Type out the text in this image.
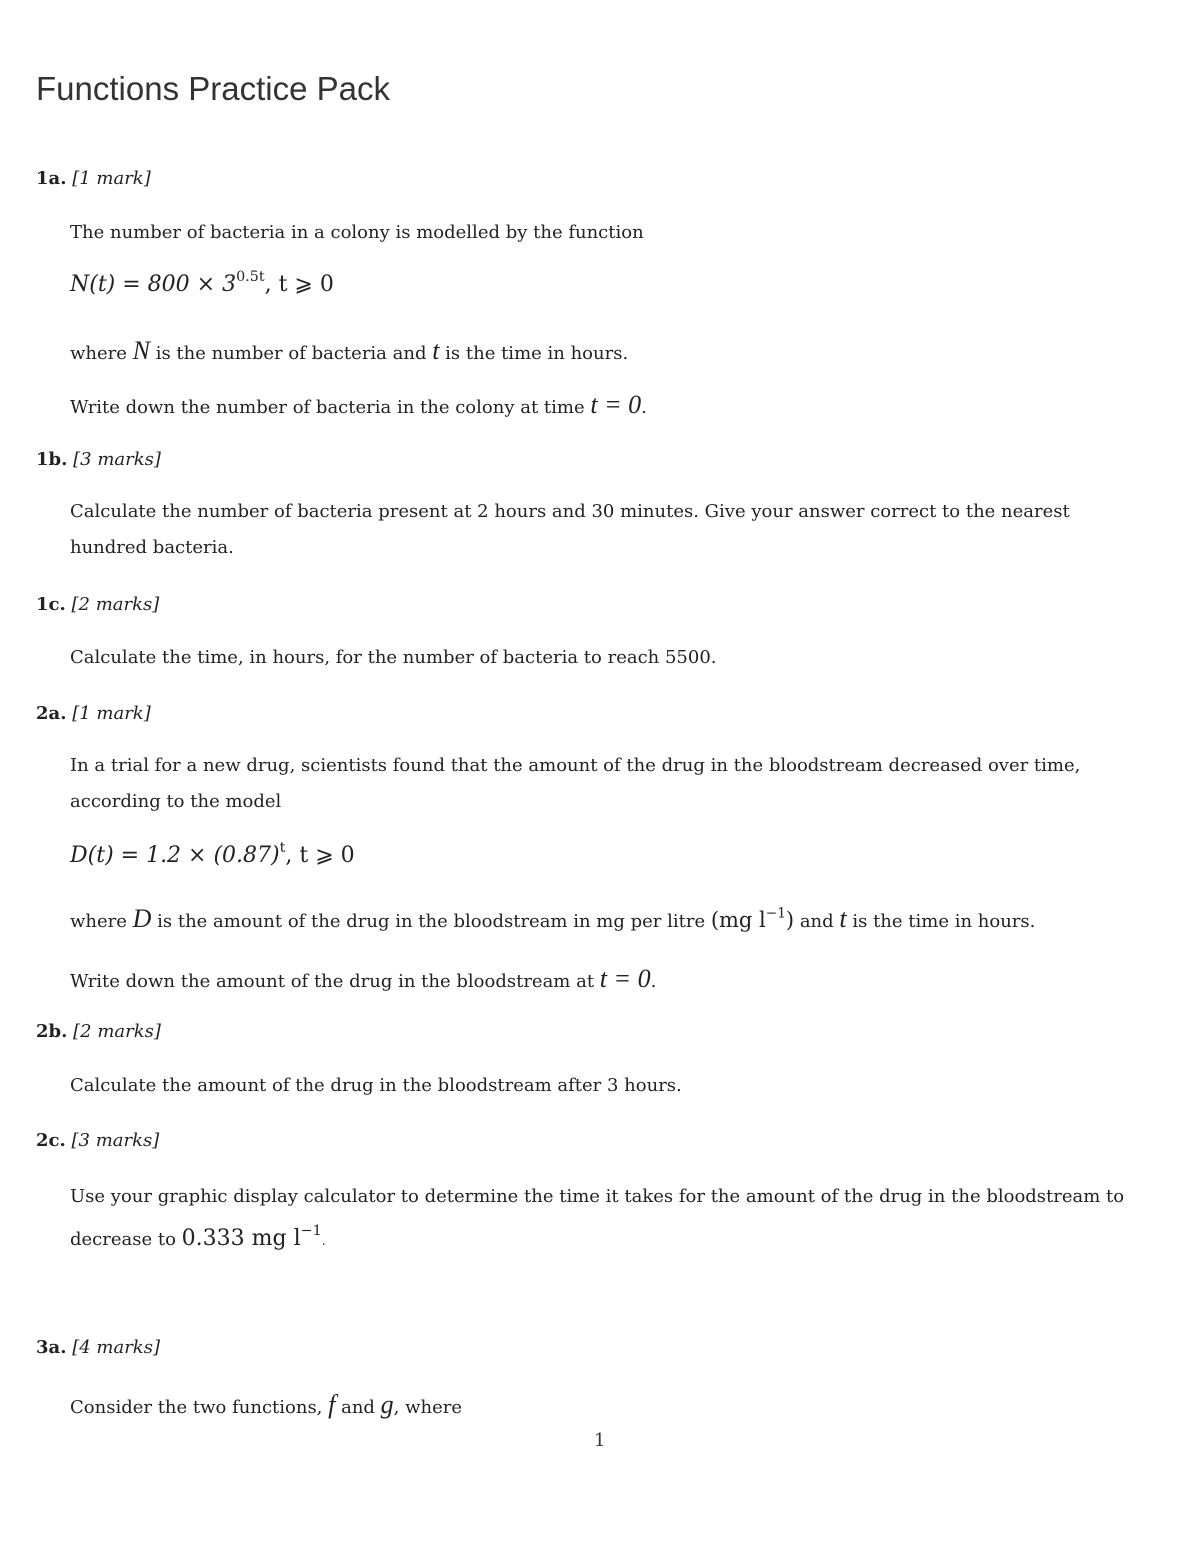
Functions Practice Pack
1a. [1 mark]
The number of bacteria in a colony is modelled by the function
$N(t) = 800 \times 3^{0.5t}$, t ⩾ 0
where N is the number of bacteria and t is the time in hours.
Write down the number of bacteria in the colony at time t = 0.
1b. [3 marks]

Calculate the number of bacteria present at 2 hours and 30 minutes. Give your answer correct to the nearest hundred bacteria.

1c. [2 marks]
Calculate the time, in hours, for the number of bacteria to reach 5500.
2a. [1 mark]

In a trial for a new drug, scientists found that the amount of the drug in the bloodstream decreased over time, according to the model

$D(t) = 1.2 \times (0.87)^t$, t ⩾ 0
where D is the amount of the drug in the bloodstream in mg per litre (mg $l^{-1}$) and t is the time in hours.
Write down the amount of the drug in the bloodstream at t = 0.
2b. [2 marks]
Calculate the amount of the drug in the bloodstream after 3 hours.
2c. [3 marks]

Use your graphic display calculator to determine the time it takes for the amount of the drug in the bloodstream to decrease to 0.333 mg $l^{-1}$.

3a. [4 marks]
Consider the two functions, f and g, where
1
